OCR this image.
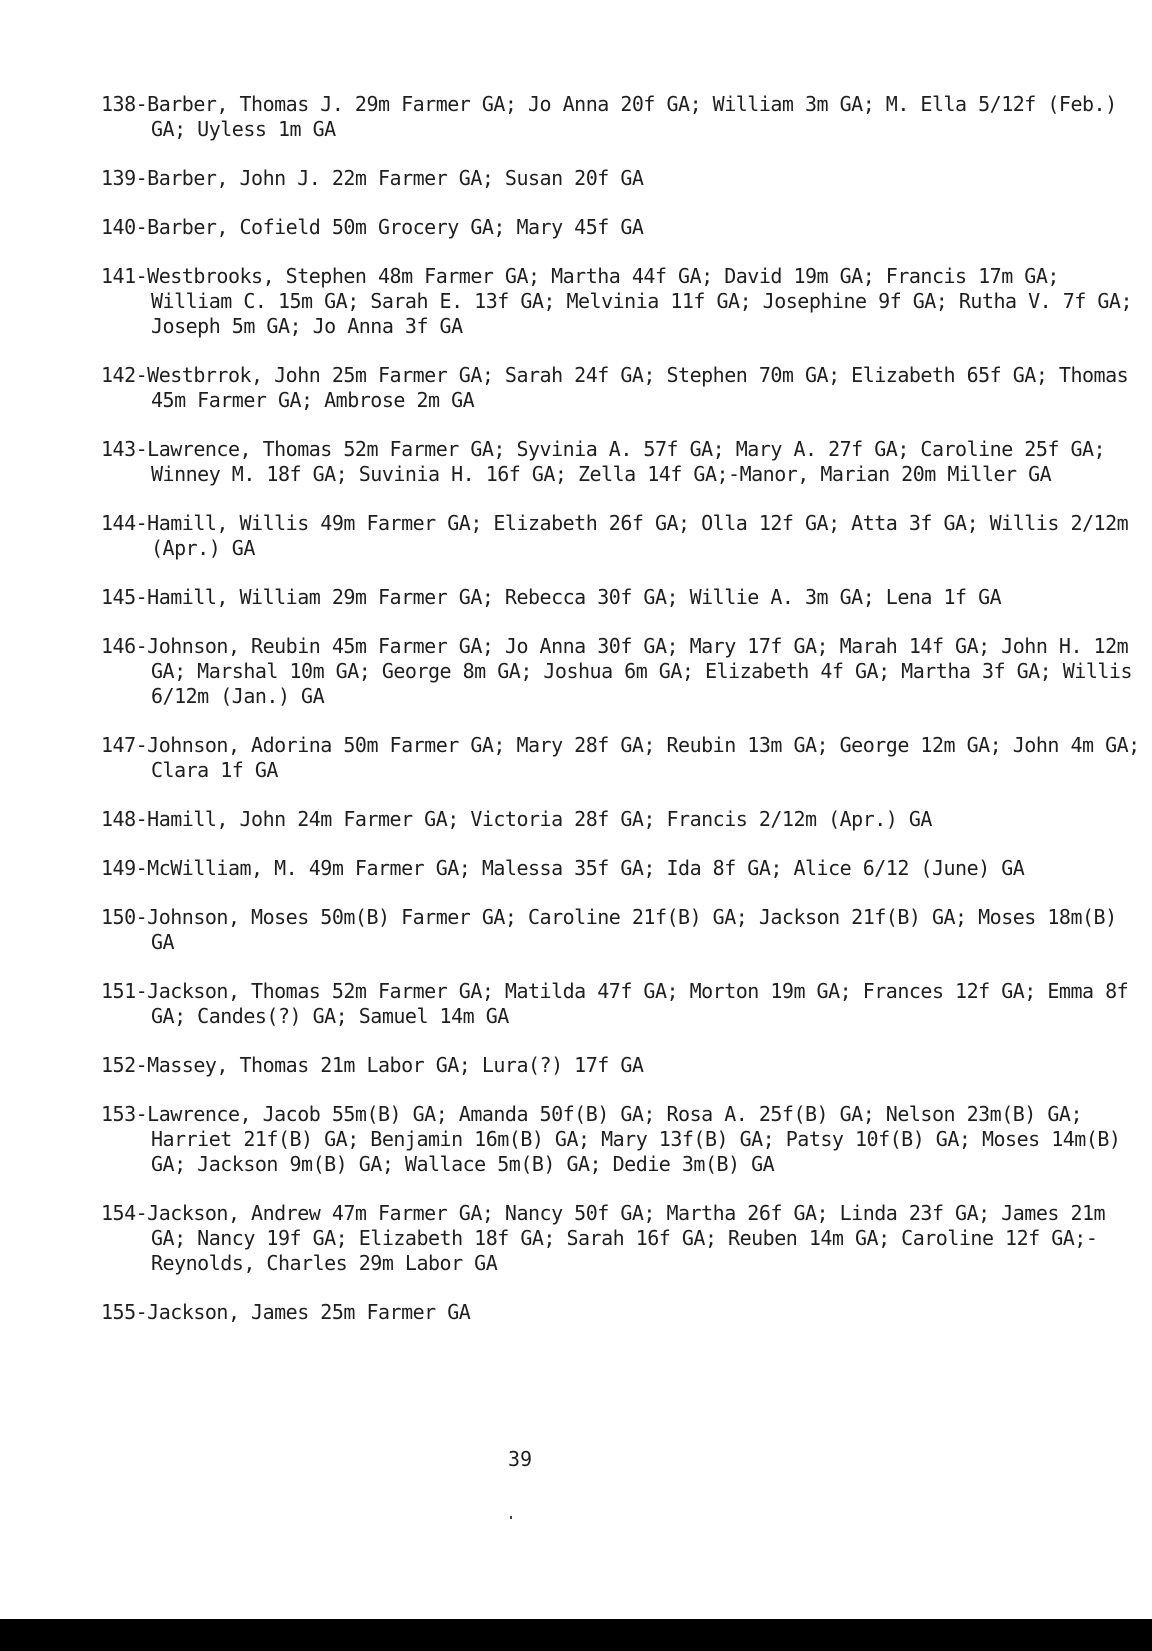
138-Barber, Thomas J. 29m Farmer GA; Jo Anna 20f GA; William 3m GA; M. Ella 5/12f (Feb.) GA; Uyless 1m GA
139-Barber, John J. 22m Farmer GA; Susan 20f GA
140-Barber, Cofield 50m Grocery GA; Mary 45f GA
141-Westbrooks, Stephen 48m Farmer GA; Martha 44f GA; David 19m GA; Francis 17m GA; William C. 15m GA; Sarah E. 13f GA; Melvinia 11f GA; Josephine 9f GA; Rutha V. 7f GA; Joseph 5m GA; Jo Anna 3f GA
142-Westbrrok, John 25m Farmer GA; Sarah 24f GA; Stephen 70m GA; Elizabeth 65f GA; Thomas 45m Farmer GA; Ambrose 2m GA
143-Lawrence, Thomas 52m Farmer GA; Syvinia A. 57f GA; Mary A. 27f GA; Caroline 25f GA; Winney M. 18f GA; Suvinia H. 16f GA; Zella 14f GA;-Manor, Marian 20m Miller GA
144-Hamill, Willis 49m Farmer GA; Elizabeth 26f GA; Olla 12f GA; Atta 3f GA; Willis 2/12m (Apr.) GA
145-Hamill, William 29m Farmer GA; Rebecca 30f GA; Willie A. 3m GA; Lena 1f GA
146-Johnson, Reubin 45m Farmer GA; Jo Anna 30f GA; Mary 17f GA; Marah 14f GA; John H. 12m GA; Marshal 10m GA; George 8m GA; Joshua 6m GA; Elizabeth 4f GA; Martha 3f GA; Willis 6/12m (Jan.) GA
147-Johnson, Adorina 50m Farmer GA; Mary 28f GA; Reubin 13m GA; George 12m GA; John 4m GA; Clara 1f GA
148-Hamill, John 24m Farmer GA; Victoria 28f GA; Francis 2/12m (Apr.) GA
149-McWilliam, M. 49m Farmer GA; Malessa 35f GA; Ida 8f GA; Alice 6/12 (June) GA
150-Johnson, Moses 50m(B) Farmer GA; Caroline 21f(B) GA; Jackson 21f(B) GA; Moses 18m(B) GA
151-Jackson, Thomas 52m Farmer GA; Matilda 47f GA; Morton 19m GA; Frances 12f GA; Emma 8f GA; Candes(?) GA; Samuel 14m GA
152-Massey, Thomas 21m Labor GA; Lura(?) 17f GA
153-Lawrence, Jacob 55m(B) GA; Amanda 50f(B) GA; Rosa A. 25f(B) GA; Nelson 23m(B) GA; Harriet 21f(B) GA; Benjamin 16m(B) GA; Mary 13f(B) GA; Patsy 10f(B) GA; Moses 14m(B) GA; Jackson 9m(B) GA; Wallace 5m(B) GA; Dedie 3m(B) GA
154-Jackson, Andrew 47m Farmer GA; Nancy 50f GA; Martha 26f GA; Linda 23f GA; James 21m GA; Nancy 19f GA; Elizabeth 18f GA; Sarah 16f GA; Reuben 14m GA; Caroline 12f GA;-Reynolds, Charles 29m Labor GA
155-Jackson, James 25m Farmer GA
39
